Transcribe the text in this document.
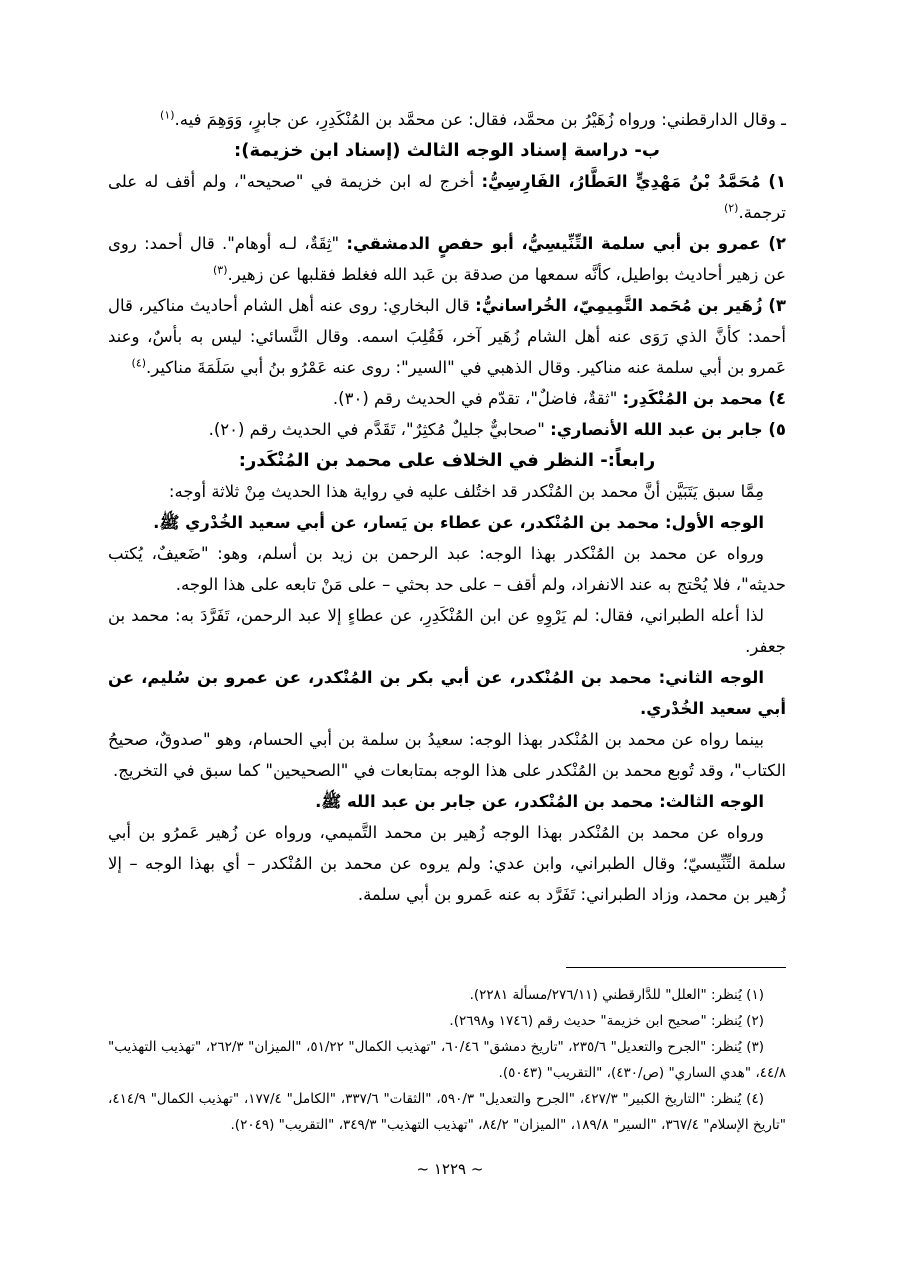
ـ وقال الدارقطني: ورواه زُهَيْرُ بن محمَّد، فقال: عن محمَّد بن المُنْكَدِرِ، عن جابرٍ، وَوَهِمَ فيه.$^{(١)}$

ب- دراسة إسناد الوجه الثالث (إسناد ابن خزيمة):

١) مُحَمَّدُ بْنُ مَهْدِيٍّ العَطَّارُ، الفَارِسِيُّ: أخرج له ابن خزيمة في "صحيحه"، ولم أقف له على ترجمة.$^{(٢)}$

٢) عمرو بن أبي سلمة التِّنِّيسِيُّ، أبو حفصٍ الدمشقي: "ثِقَةٌ، لـه أوهام". قال أحمد: روى عن زهير أحاديث بواطيل، كأنَّه سمعها من صدقة بن عَبد الله فغلط فقلبها عن زهير.$^{(٣)}$

٣) زُهَير بن مُحَمد التَّمِيمِيّ، الخُراسانيُّ: قال البخاري: روى عنه أهل الشام أحاديث مناكير، قال أحمد: كأنَّ الذي رَوَى عنه أهل الشام زُهَير آخر، فَقُلِبَ اسمه. وقال النَّسائي: ليس به بأسٌ، وعند عَمرو بن أبي سلمة عنه مناكير. وقال الذهبي في "السير": روى عنه عَمْرُو بنُ أبي سَلَمَةَ مناكير.$^{(٤)}$

٤) محمد بن المُنْكَدِر: "ثقةٌ، فاضلٌ"، تقدّم في الحديث رقم (٣٠).

٥) جابر بن عبد الله الأنصاري: "صحابيٌّ جليلٌ مُكثِرٌ"، تَقَدَّم في الحديث رقم (٢٠).

رابعاً:- النظر في الخلاف على محمد بن المُنْكَدر:

مِمَّا سبق يَتَبَيَّن أنَّ محمد بن المُنْكدر قد اختُلف عليه في رواية هذا الحديث مِنْ ثلاثة أوجه:

الوجه الأول: محمد بن المُنْكدر، عن عطاء بن يَسار، عن أبي سعيد الخُدْري ﷺ.

ورواه عن محمد بن المُنْكدر بهذا الوجه: عبد الرحمن بن زيد بن أسلم، وهو: "ضَعيفٌ، يُكتب حديثه"، فلا يُحْتج به عند الانفراد، ولم أقف – على حد بحثي – على مَنْ تابعه على هذا الوجه.

لذا أعله الطبراني، فقال: لم يَرْوِهِ عن ابن المُنْكَدِرِ، عن عطاءٍ إلا عبد الرحمن، تَفَرَّدَ به: محمد بن جعفر.

الوجه الثاني: محمد بن المُنْكدر، عن أبي بكر بن المُنْكدر، عن عمرو بن سُليم، عن أبي سعيد الخُدْري.

بينما رواه عن محمد بن المُنْكدر بهذا الوجه: سعيدُ بن سلمة بن أبي الحسام، وهو "صدوقٌ، صحيحُ الكتاب"، وقد تُوبع محمد بن المُنْكدر على هذا الوجه بمتابعات في "الصحيحين" كما سبق في التخريج.

الوجه الثالث: محمد بن المُنْكدر، عن جابر بن عبد الله ﷺ.

ورواه عن محمد بن المُنْكدر بهذا الوجه زُهير بن محمد التَّميمي، ورواه عن زُهير عَمرُو بن أبي سلمة التِّنِّيسيّ؛ وقال الطبراني، وابن عدي: ولم يروه عن محمد بن المُنْكدر – أي بهذا الوجه – إلا زُهير بن محمد، وزاد الطبراني: تَفَرَّد به عنه عَمرو بن أبي سلمة.

(١) يُنظر: "العلل" للدَّارقطني (٢٧٦/١١/مسألة ٢٢٨١).

(٢) يُنظر: "صحيح ابن خزيمة" حديث رقم (١٧٤٦ و٢٦٩٨).

(٣) يُنظر: "الجرح والتعديل" ٢٣٥/٦، "تاريخ دمشق" ٦٠/٤٦، "تهذيب الكمال" ٥١/٢٢، "الميزان" ٢٦٢/٣، "تهذيب التهذيب" ٤٤/٨، "هدي الساري" (ص/٤٣٠)، "التقريب" (٥٠٤٣).

(٤) يُنظر: "التاريخ الكبير" ٤٢٧/٣، "الجرح والتعديل" ٥٩٠/٣، "الثقات" ٣٣٧/٦، "الكامل" ١٧٧/٤، "تهذيب الكمال" ٤١٤/٩، "تاريخ الإسلام" ٣٦٧/٤، "السير" ١٨٩/٨، "الميزان" ٨٤/٢، "تهذيب التهذيب" ٣٤٩/٣، "التقريب" (٢٠٤٩).

~ ١٢٢٩ ~
